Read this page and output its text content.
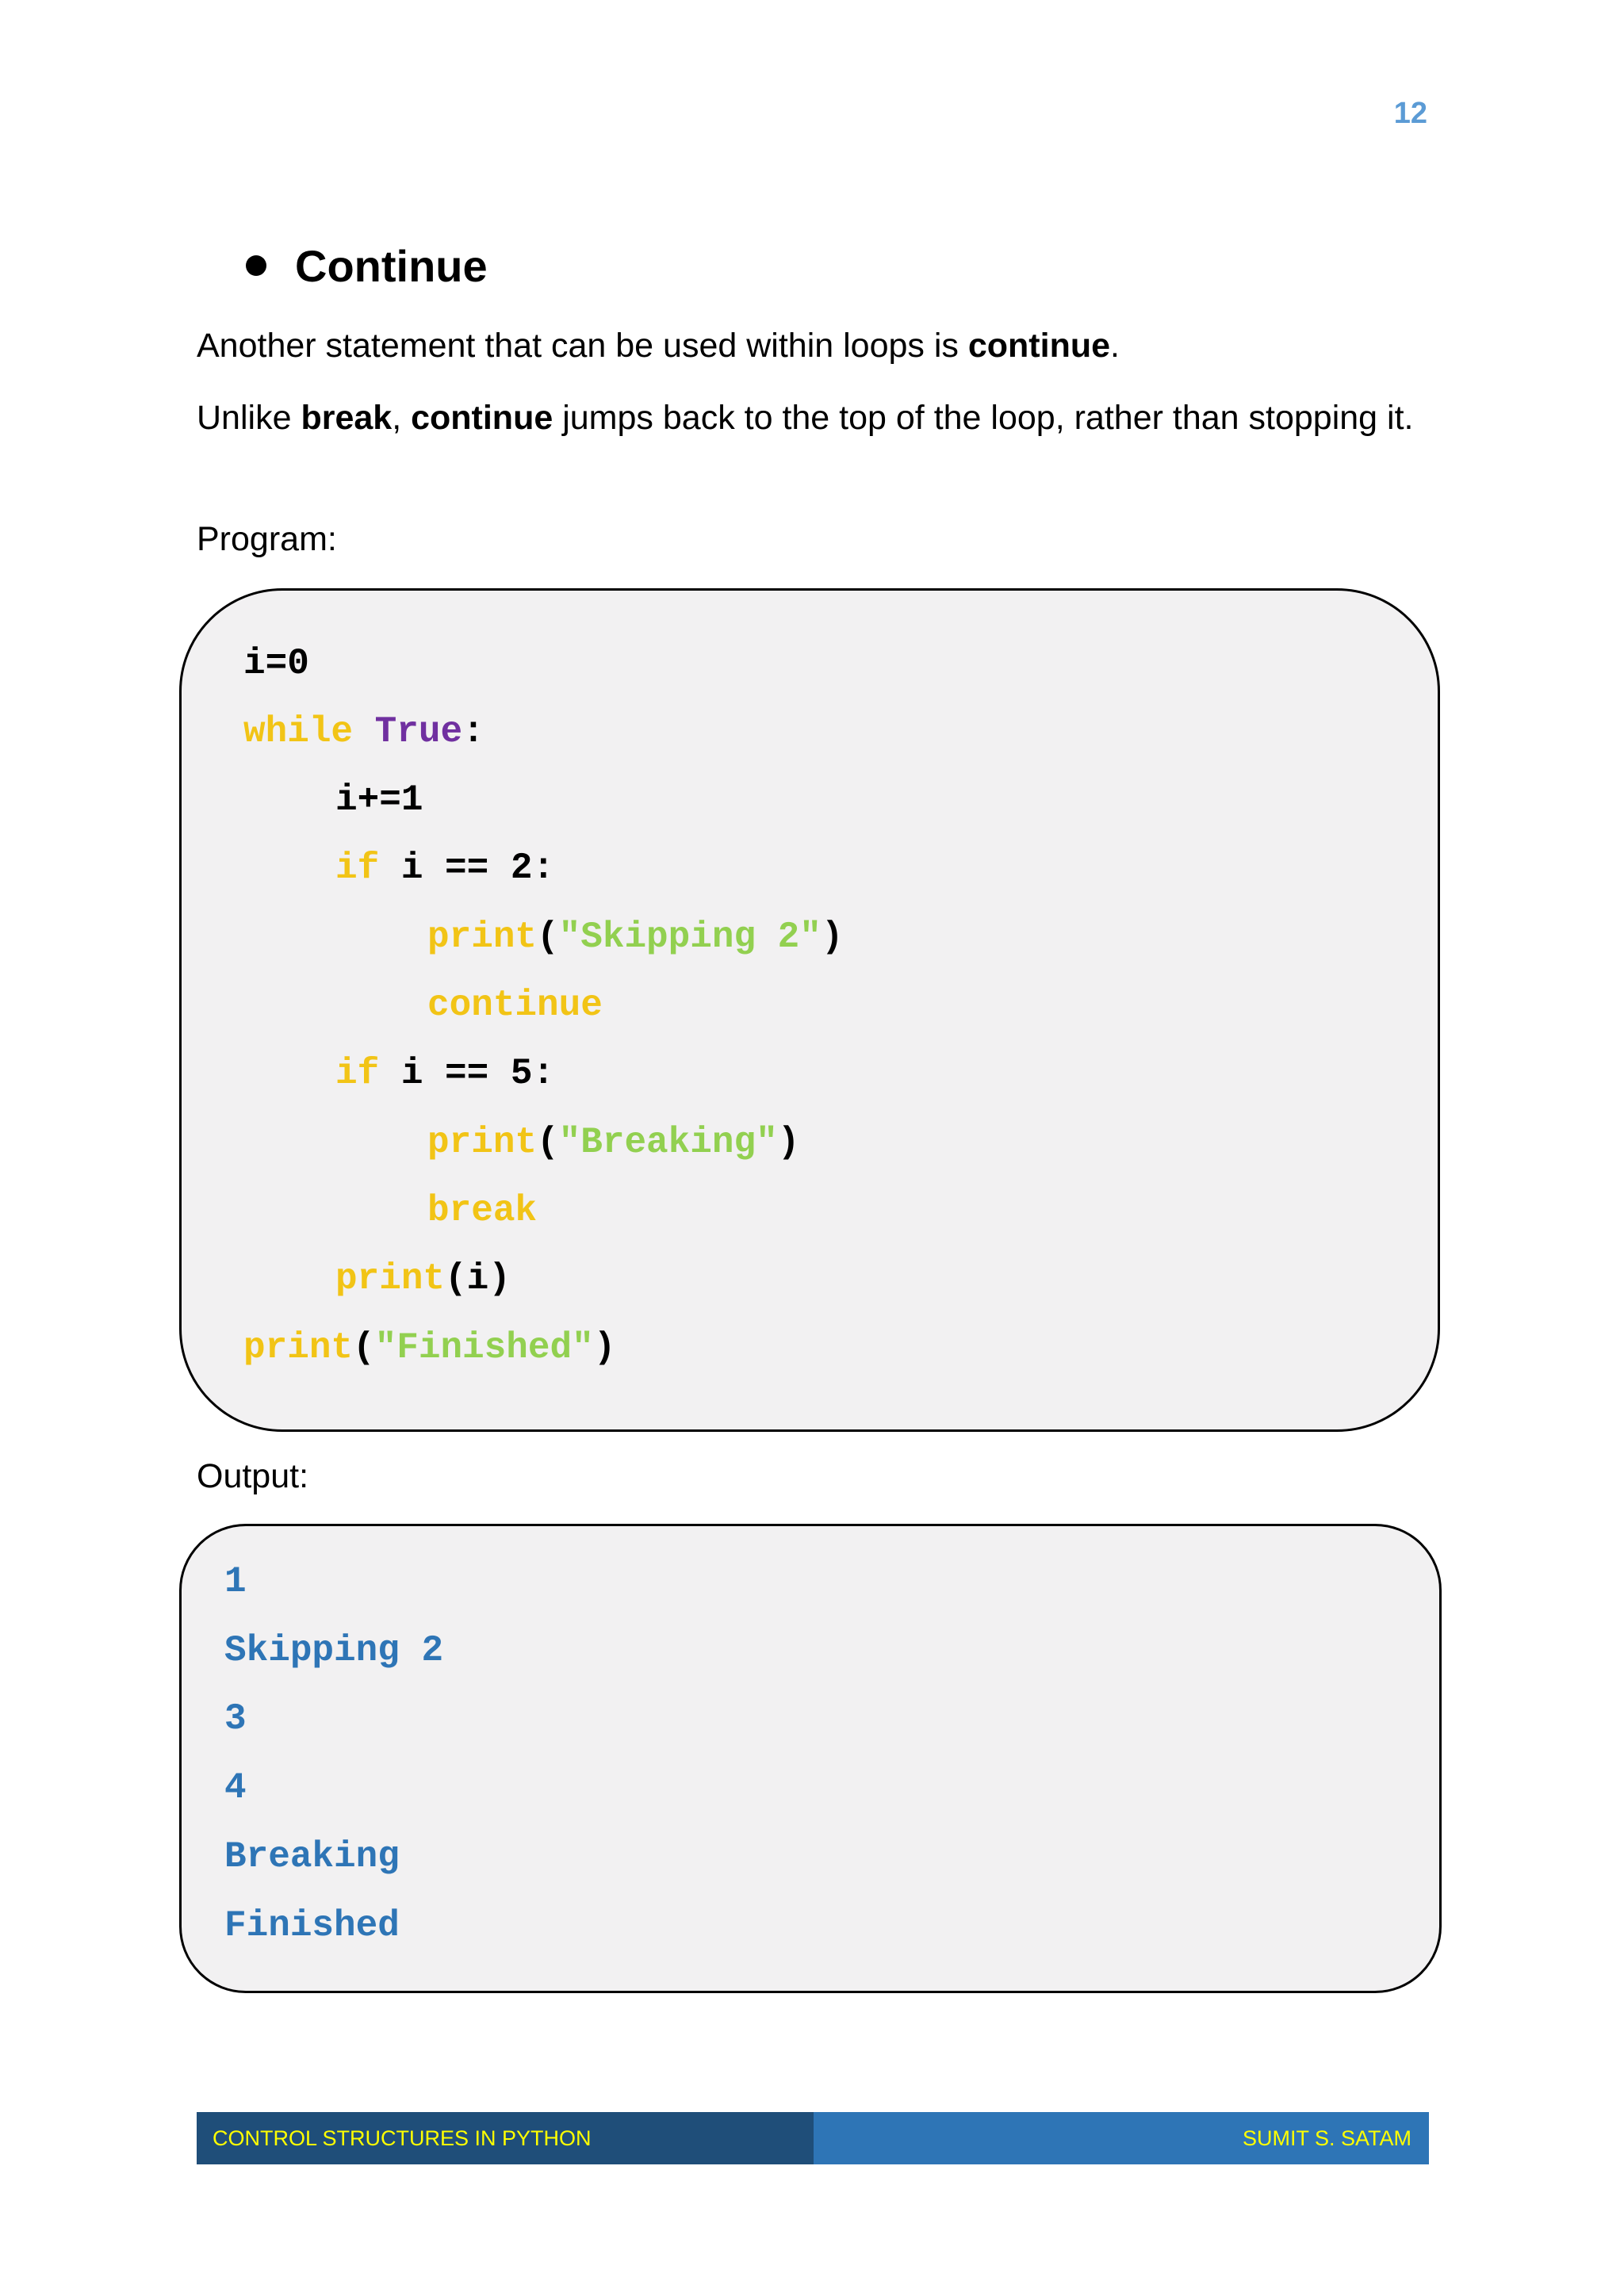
12
Continue
Another statement that can be used within loops is continue.
Unlike break, continue jumps back to the top of the loop, rather than stopping it.
Program:
i=0
while True:
i+=1
if i == 2:
print("Skipping 2")
continue
if i == 5:
print("Breaking")
break
print(i)
print("Finished")
Output:
1
Skipping 2
3
4
Breaking
Finished
CONTROL STRUCTURES IN PYTHON	SUMIT S. SATAM
